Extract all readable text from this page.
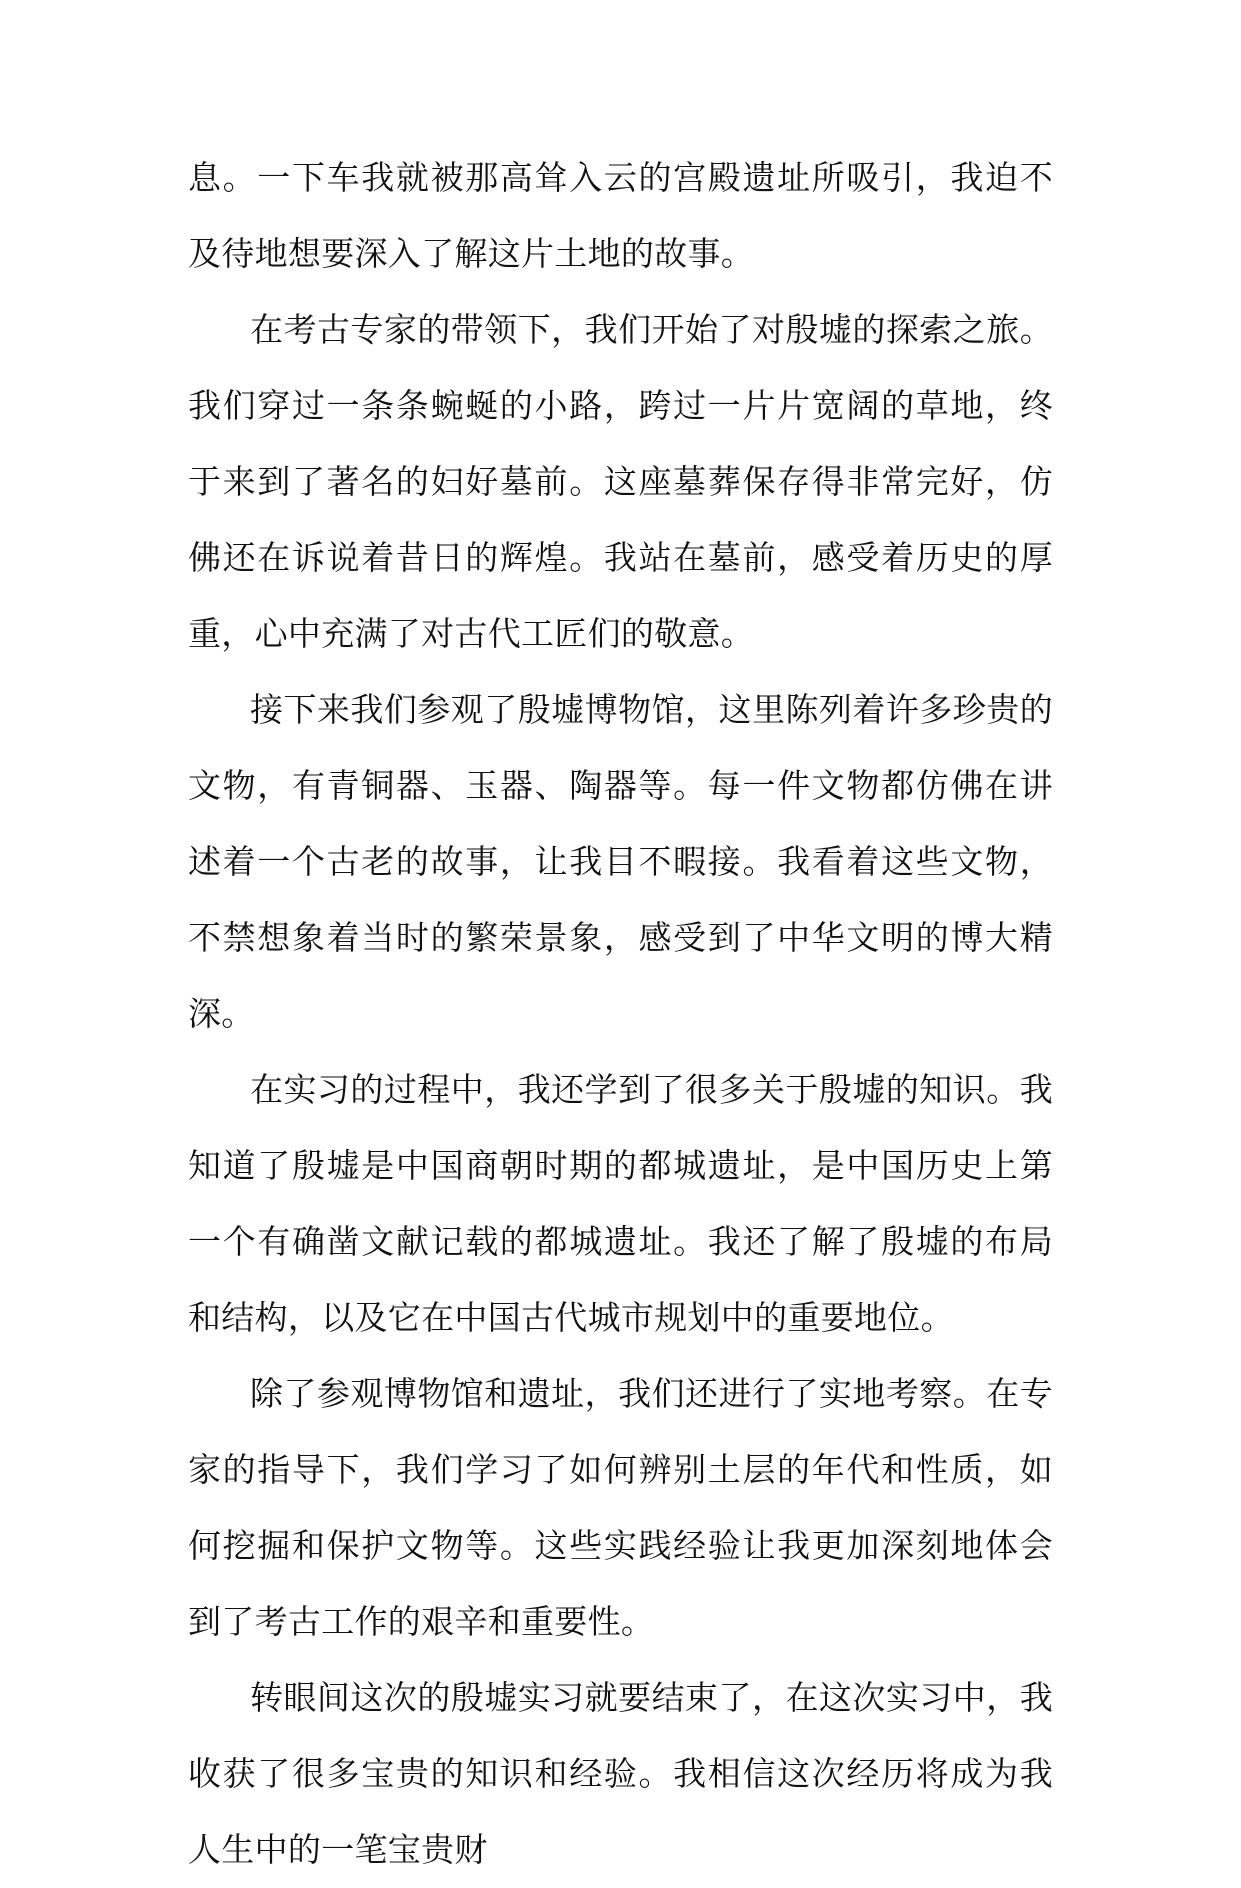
息。一下车我就被那高耸入云的宫殿遗址所吸引，我迫不及待地想要深入了解这片土地的故事。

在考古专家的带领下，我们开始了对殷墟的探索之旅。我们穿过一条条蜿蜒的小路，跨过一片片宽阔的草地，终于来到了著名的妇好墓前。这座墓葬保存得非常完好，仿佛还在诉说着昔日的辉煌。我站在墓前，感受着历史的厚重，心中充满了对古代工匠们的敬意。

接下来我们参观了殷墟博物馆，这里陈列着许多珍贵的文物，有青铜器、玉器、陶器等。每一件文物都仿佛在讲述着一个古老的故事，让我目不暇接。我看着这些文物，不禁想象着当时的繁荣景象，感受到了中华文明的博大精深。

在实习的过程中，我还学到了很多关于殷墟的知识。我知道了殷墟是中国商朝时期的都城遗址，是中国历史上第一个有确凿文献记载的都城遗址。我还了解了殷墟的布局和结构，以及它在中国古代城市规划中的重要地位。

除了参观博物馆和遗址，我们还进行了实地考察。在专家的指导下，我们学习了如何辨别土层的年代和性质，如何挖掘和保护文物等。这些实践经验让我更加深刻地体会到了考古工作的艰辛和重要性。

转眼间这次的殷墟实习就要结束了，在这次实习中，我收获了很多宝贵的知识和经验。我相信这次经历将成为我人生中的一笔宝贵财
